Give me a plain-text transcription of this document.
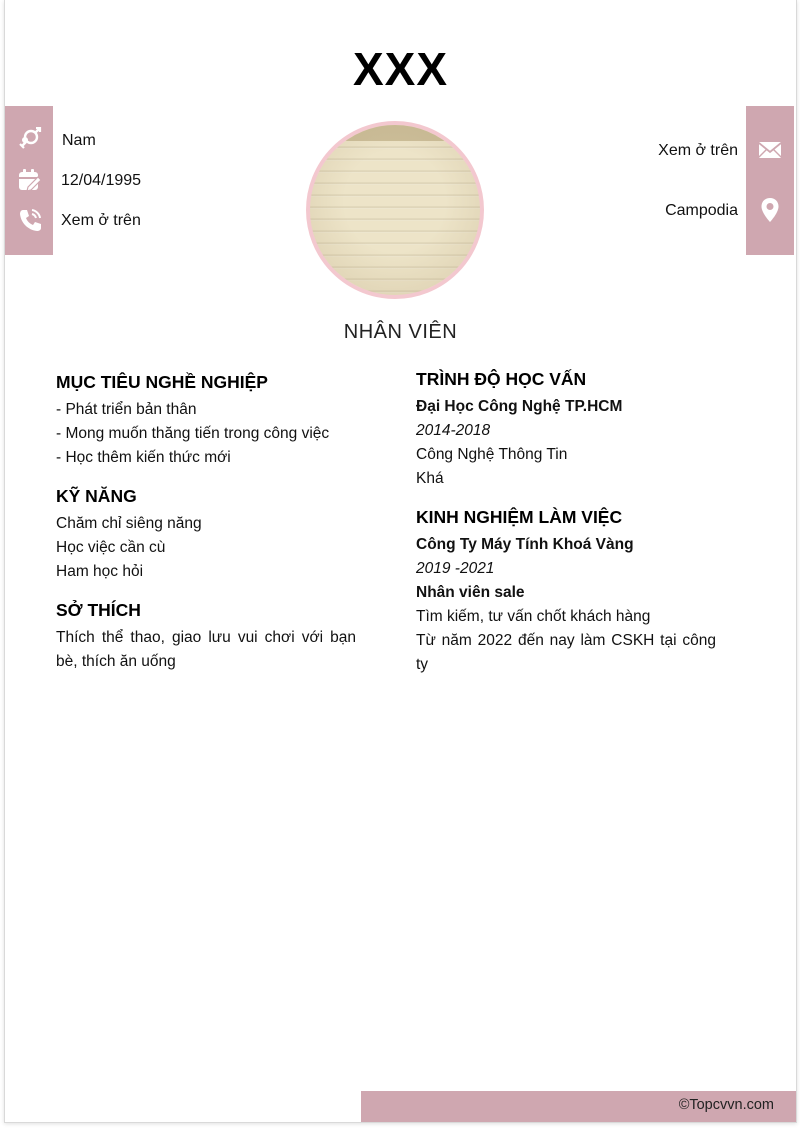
XXX
Nam
12/04/1995
Xem ở trên
Xem ở trên
Campodia
NHÂN VIÊN
MỤC TIÊU NGHỀ NGHIỆP
- Phát triển bản thân
- Mong muốn thăng tiến trong công việc
- Học thêm kiến thức mới
KỸ NĂNG
Chăm chỉ siêng năng
Học việc cần cù
Ham học hỏi
SỞ THÍCH
Thích thể thao, giao lưu vui chơi với bạn bè, thích ăn uống
TRÌNH ĐỘ HỌC VẤN
Đại Học Công Nghệ TP.HCM
2014-2018
Công Nghệ Thông Tin
Khá
KINH NGHIỆM LÀM VIỆC
Công Ty Máy Tính Khoá Vàng
2019 -2021
Nhân viên sale
Tìm kiếm, tư vấn chốt khách hàng
Từ năm 2022 đến nay làm CSKH tại công ty
©Topcvvn.com
